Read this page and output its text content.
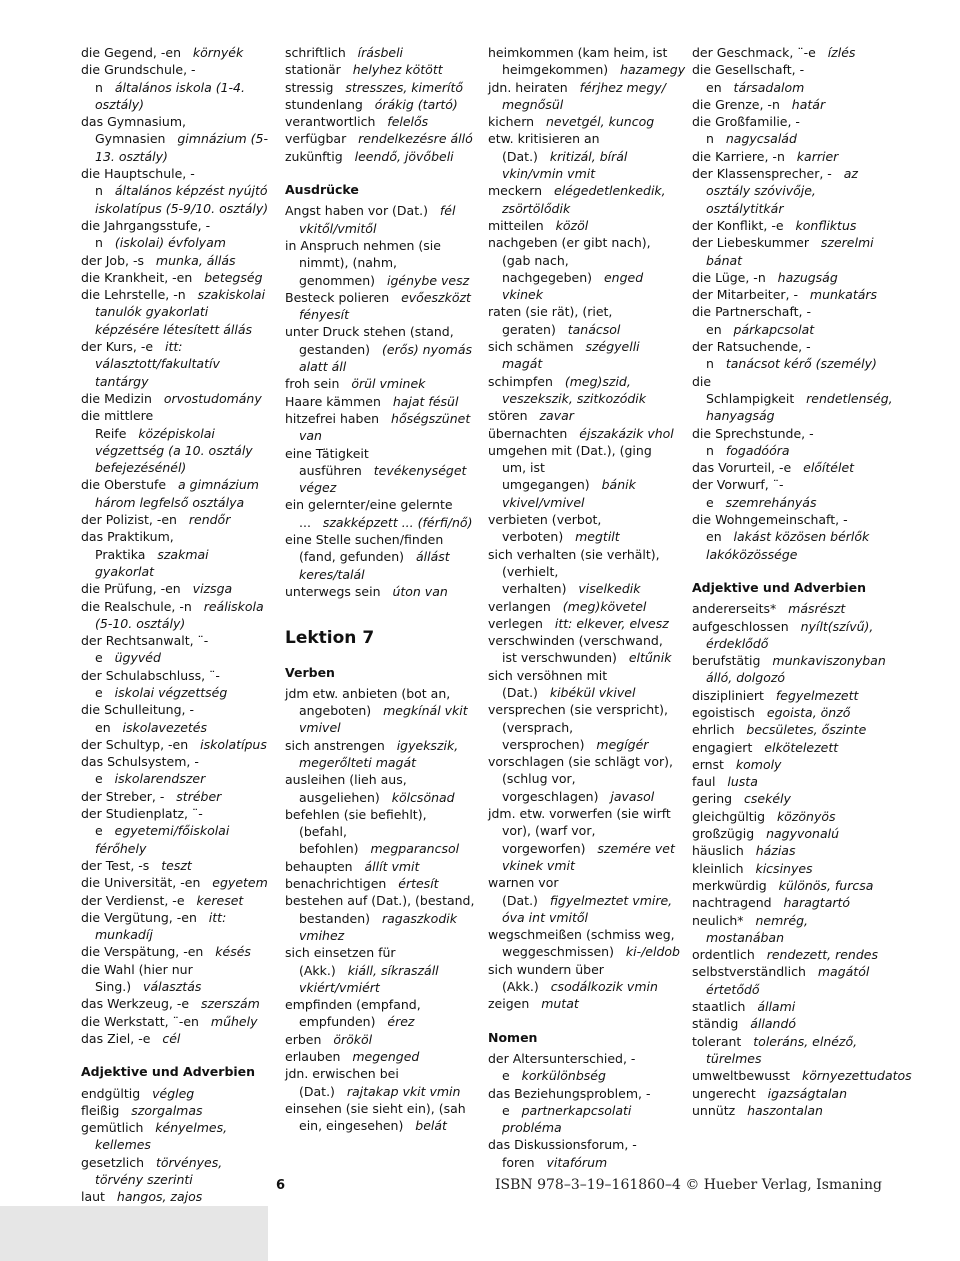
die Gegend, -en környék

die Grundschule, -n általános iskola (1-4. osztály)

das Gymnasium, Gymnasien gimnázium (5-13. osztály)

die Hauptschule, -n általános képzést nyújtó iskolatípus (5-9/10. osztály)

die Jahrgangsstufe, -n (iskolai) évfolyam

der Job, -s munka, állás

die Krankheit, -en betegség

die Lehrstelle, -n szakiskolai tanulók gyakorlati képzésére létesített állás

der Kurs, -e itt: választott/fakultatív tantárgy

die Medizin orvostudomány

die mittlere Reife középiskolai végzettség (a 10. osztály befejezésénél)

die Oberstufe a gimnázium három legfelső osztálya

der Polizist, -en rendőr

das Praktikum, Praktika szakmai gyakorlat

die Prüfung, -en vizsga

die Realschule, -n reáliskola (5-10. osztály)

der Rechtsanwalt, ¨-e ügyvéd

der Schulabschluss, ¨-e iskolai végzettség

die Schulleitung, -en iskolavezetés

der Schultyp, -en iskolatípus

das Schulsystem, -e iskolarendszer

der Streber, - stréber

der Studienplatz, ¨-e egyetemi/főiskolai férőhely

der Test, -s teszt

die Universität, -en egyetem

der Verdienst, -e kereset

die Vergütung, -en itt: munkadíj

die Verspätung, -en késés

die Wahl (hier nur Sing.) választás

das Werkzeug, -e szerszám

die Werkstatt, ¨-en műhely

das Ziel, -e cél

Adjektive und Adverbien

endgültig végleg

fleißig szorgalmas

gemütlich kényelmes, kellemes

gesetzlich törvényes, törvény szerinti

laut hangos, zajos

schriftlich írásbeli

stationär helyhez kötött

stressig stresszes, kimerítő

stundenlang órákig (tartó)

verantwortlich felelős

verfügbar rendelkezésre álló

zukünftig leendő, jövőbeli

Ausdrücke

Angst haben vor (Dat.) fél vkitől/vmitől

in Anspruch nehmen (sie nimmt), (nahm, genommen) igénybe vesz

Besteck polieren evőeszközt fényesít

unter Druck stehen (stand, gestanden) (erős) nyomás alatt áll

froh sein örül vminek

Haare kämmen hajat fésül

hitzefrei haben hőségszünet van

eine Tätigkeit ausführen tevékenységet végez

ein gelernter/eine gelernte ... szakképzett ... (férfi/nő)

eine Stelle suchen/finden (fand, gefunden) állást keres/talál

unterwegs sein úton van

Lektion 7
Verben

jdm etw. anbieten (bot an, angeboten) megkínál vkit vmivel

sich anstrengen igyekszik, megerőlteti magát

ausleihen (lieh aus, ausgeliehen) kölcsönad

befehlen (sie befiehlt), (befahl, befohlen) megparancsol

behaupten állít vmit

benachrichtigen értesít

bestehen auf (Dat.), (bestand, bestanden) ragaszkodik vmihez

sich einsetzen für (Akk.) kiáll, síkraszáll vkiért/vmiért

empfinden (empfand, empfunden) érez

erben örököl

erlauben megenged

jdn. erwischen bei (Dat.) rajtakap vkit vmin

einsehen (sie sieht ein), (sah ein, eingesehen) belát

heimkommen (kam heim, ist heimgekommen) hazamegy

jdn. heiraten férjhez megy/ megnősül

kichern nevetgél, kuncog

etw. kritisieren an (Dat.) kritizál, bírál vkin/vmin vmit

meckern elégedetlenkedik, zsörtölődik

mitteilen közöl

nachgeben (er gibt nach), (gab nach, nachgegeben) enged vkinek

raten (sie rät), (riet, geraten) tanácsol

sich schämen szégyelli magát

schimpfen (meg)szid, veszekszik, szitkozódik

stören zavar

übernachten éjszakázik vhol

umgehen mit (Dat.), (ging um, ist umgegangen) bánik vkivel/vmivel

verbieten (verbot, verboten) megtilt

sich verhalten (sie verhält), (verhielt, verhalten) viselkedik

verlangen (meg)követel

verlegen itt: elkever, elvesz

verschwinden (verschwand, ist verschwunden) eltűnik

sich versöhnen mit (Dat.) kibékül vkivel

versprechen (sie verspricht), (versprach, versprochen) megígér

vorschlagen (sie schlägt vor), (schlug vor, vorgeschlagen) javasol

jdm. etw. vorwerfen (sie wirft vor), (warf vor, vorgeworfen) szemére vet vkinek vmit

warnen vor (Dat.) figyelmeztet vmire, óva int vmitől

wegschmeißen (schmiss weg, weggeschmissen) ki-/eldob

sich wundern über (Akk.) csodálkozik vmin

zeigen mutat

Nomen

der Altersunterschied, -e korkülönbség

das Beziehungsproblem, -e partnerkapcsolati probléma

das Diskussionsforum, -foren vitafórum

der Geschmack, ¨-e ízlés

die Gesellschaft, -en társadalom

die Grenze, -n határ

die Großfamilie, -n nagycsalád

die Karriere, -n karrier

der Klassensprecher, - az osztály szóvivője, osztálytitkár

der Konflikt, -e konfliktus

der Liebeskummer szerelmi bánat

die Lüge, -n hazugság

der Mitarbeiter, - munkatárs

die Partnerschaft, -en párkapcsolat

der Ratsuchende, -n tanácsot kérő (személy)

die Schlampigkeit rendetlenség, hanyagság

die Sprechstunde, -n fogadóóra

das Vorurteil, -e előítélet

der Vorwurf, ¨-e szemrehányás

die Wohngemeinschaft, -en lakást közösen bérlők lakóközössége

Adjektive und Adverbien

andererseits* másrészt

aufgeschlossen nyílt(szívű), érdeklődő

berufstätig munkaviszonyban álló, dolgozó

diszipliniert fegyelmezett

egoistisch egoista, önző

ehrlich becsületes, őszinte

engagiert elkötelezett

ernst komoly

faul lusta

gering csekély

gleichgültig közönyös

großzügig nagyvonalú

häuslich házias

kleinlich kicsinyes

merkwürdig különös, furcsa

nachtragend haragtartó

neulich* nemrég, mostanában

ordentlich rendezett, rendes

selbstverständlich magától értetődő

staatlich állami

ständig állandó

tolerant toleráns, elnéző, türelmes

umweltbewusst környezettudatos

ungerecht igazságtalan

unnütz haszontalan

6	ISBN 978–3–19–161860–4 © Hueber Verlag, Ismaning
